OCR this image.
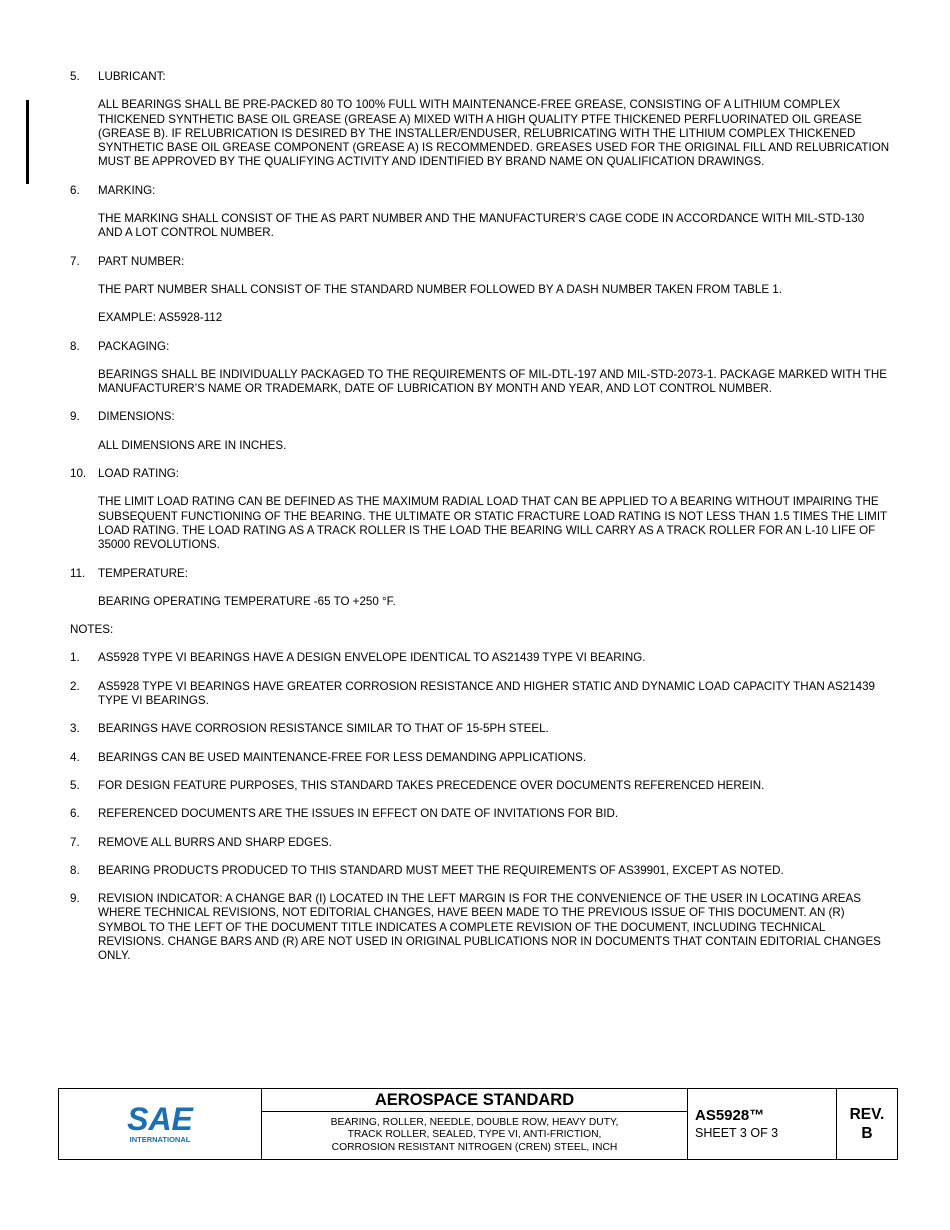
5. LUBRICANT:

ALL BEARINGS SHALL BE PRE-PACKED 80 TO 100% FULL WITH MAINTENANCE-FREE GREASE, CONSISTING OF A LITHIUM COMPLEX THICKENED SYNTHETIC BASE OIL GREASE (GREASE A) MIXED WITH A HIGH QUALITY PTFE THICKENED PERFLUORINATED OIL GREASE (GREASE B). IF RELUBRICATION IS DESIRED BY THE INSTALLER/ENDUSER, RELUBRICATING WITH THE LITHIUM COMPLEX THICKENED SYNTHETIC BASE OIL GREASE COMPONENT (GREASE A) IS RECOMMENDED. GREASES USED FOR THE ORIGINAL FILL AND RELUBRICATION MUST BE APPROVED BY THE QUALIFYING ACTIVITY AND IDENTIFIED BY BRAND NAME ON QUALIFICATION DRAWINGS.

6. MARKING:

THE MARKING SHALL CONSIST OF THE AS PART NUMBER AND THE MANUFACTURER’S CAGE CODE IN ACCORDANCE WITH MIL-STD-130 AND A LOT CONTROL NUMBER.

7. PART NUMBER:

THE PART NUMBER SHALL CONSIST OF THE STANDARD NUMBER FOLLOWED BY A DASH NUMBER TAKEN FROM TABLE 1.

EXAMPLE: AS5928-112

8. PACKAGING:

BEARINGS SHALL BE INDIVIDUALLY PACKAGED TO THE REQUIREMENTS OF MIL-DTL-197 AND MIL-STD-2073-1. PACKAGE MARKED WITH THE MANUFACTURER’S NAME OR TRADEMARK, DATE OF LUBRICATION BY MONTH AND YEAR, AND LOT CONTROL NUMBER.

9. DIMENSIONS:

ALL DIMENSIONS ARE IN INCHES.

10. LOAD RATING:

THE LIMIT LOAD RATING CAN BE DEFINED AS THE MAXIMUM RADIAL LOAD THAT CAN BE APPLIED TO A BEARING WITHOUT IMPAIRING THE SUBSEQUENT FUNCTIONING OF THE BEARING. THE ULTIMATE OR STATIC FRACTURE LOAD RATING IS NOT LESS THAN 1.5 TIMES THE LIMIT LOAD RATING. THE LOAD RATING AS A TRACK ROLLER IS THE LOAD THE BEARING WILL CARRY AS A TRACK ROLLER FOR AN L-10 LIFE OF 35000 REVOLUTIONS.

11. TEMPERATURE:

BEARING OPERATING TEMPERATURE -65 TO +250 °F.

NOTES:

1. AS5928 TYPE VI BEARINGS HAVE A DESIGN ENVELOPE IDENTICAL TO AS21439 TYPE VI BEARING.
2. AS5928 TYPE VI BEARINGS HAVE GREATER CORROSION RESISTANCE AND HIGHER STATIC AND DYNAMIC LOAD CAPACITY THAN AS21439 TYPE VI BEARINGS.
3. BEARINGS HAVE CORROSION RESISTANCE SIMILAR TO THAT OF 15-5PH STEEL.
4. BEARINGS CAN BE USED MAINTENANCE-FREE FOR LESS DEMANDING APPLICATIONS.
5. FOR DESIGN FEATURE PURPOSES, THIS STANDARD TAKES PRECEDENCE OVER DOCUMENTS REFERENCED HEREIN.
6. REFERENCED DOCUMENTS ARE THE ISSUES IN EFFECT ON DATE OF INVITATIONS FOR BID.
7. REMOVE ALL BURRS AND SHARP EDGES.
8. BEARING PRODUCTS PRODUCED TO THIS STANDARD MUST MEET THE REQUIREMENTS OF AS39901, EXCEPT AS NOTED.
9. REVISION INDICATOR: A CHANGE BAR (I) LOCATED IN THE LEFT MARGIN IS FOR THE CONVENIENCE OF THE USER IN LOCATING AREAS WHERE TECHNICAL REVISIONS, NOT EDITORIAL CHANGES, HAVE BEEN MADE TO THE PREVIOUS ISSUE OF THIS DOCUMENT. AN (R) SYMBOL TO THE LEFT OF THE DOCUMENT TITLE INDICATES A COMPLETE REVISION OF THE DOCUMENT, INCLUDING TECHNICAL REVISIONS. CHANGE BARS AND (R) ARE NOT USED IN ORIGINAL PUBLICATIONS NOR IN DOCUMENTS THAT CONTAIN EDITORIAL CHANGES ONLY.
SAE
INTERNATIONAL
AEROSPACE STANDARD
BEARING, ROLLER, NEEDLE, DOUBLE ROW, HEAVY DUTY,
TRACK ROLLER, SEALED, TYPE VI, ANTI-FRICTION,
CORROSION RESISTANT NITROGEN (CREN) STEEL, INCH
AS5928™
SHEET 3 OF 3
REV.
B
